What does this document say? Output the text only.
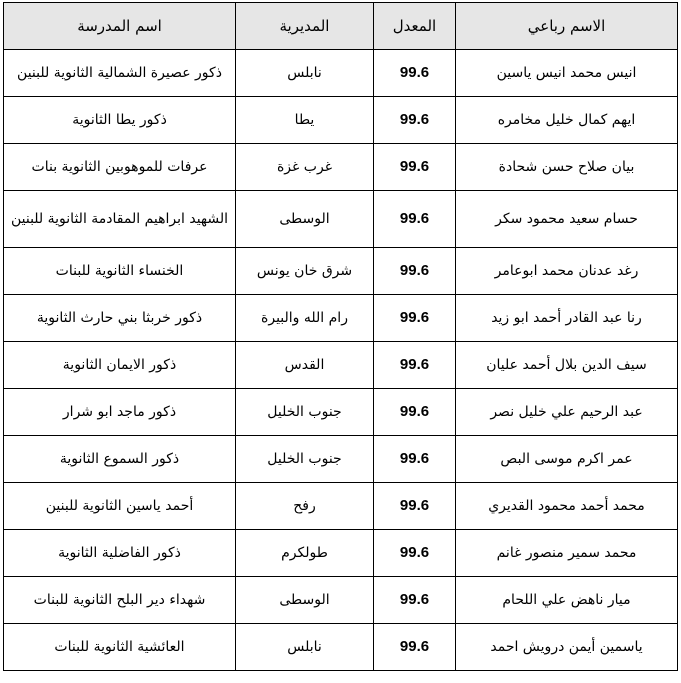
الاسم رباعي	المعدل	المديرية	اسم المدرسة
انيس محمد انيس ياسين	99.6	نابلس	ذكور عصيرة الشمالية الثانوية للبنين
ايهم كمال خليل مخامره	99.6	يطا	ذكور يطا الثانوية
بيان صلاح حسن شحادة	99.6	غرب غزة	عرفات للموهوبين الثانوية بنات
حسام سعيد محمود سكر	99.6	الوسطى	الشهيد ابراهيم المقادمة الثانوية للبنين
رغد عدنان محمد ابوعامر	99.6	شرق خان يونس	الخنساء الثانوية للبنات
رنا عبد القادر أحمد ابو زيد	99.6	رام الله والبيرة	ذكور خربثا بني حارث الثانوية
سيف الدين بلال أحمد عليان	99.6	القدس	ذكور الايمان الثانوية
عبد الرحيم علي خليل نصر	99.6	جنوب الخليل	ذكور ماجد ابو شرار
عمر اكرم موسى البص	99.6	جنوب الخليل	ذكور السموع الثانوية
محمد أحمد محمود القديري	99.6	رفح	أحمد ياسين الثانوية للبنين
محمد سمير منصور غانم	99.6	طولكرم	ذكور الفاضلية الثانوية
ميار ناهض علي اللحام	99.6	الوسطى	شهداء دير البلح الثانوية للبنات
ياسمين أيمن درويش احمد	99.6	نابلس	العائشية الثانوية للبنات
